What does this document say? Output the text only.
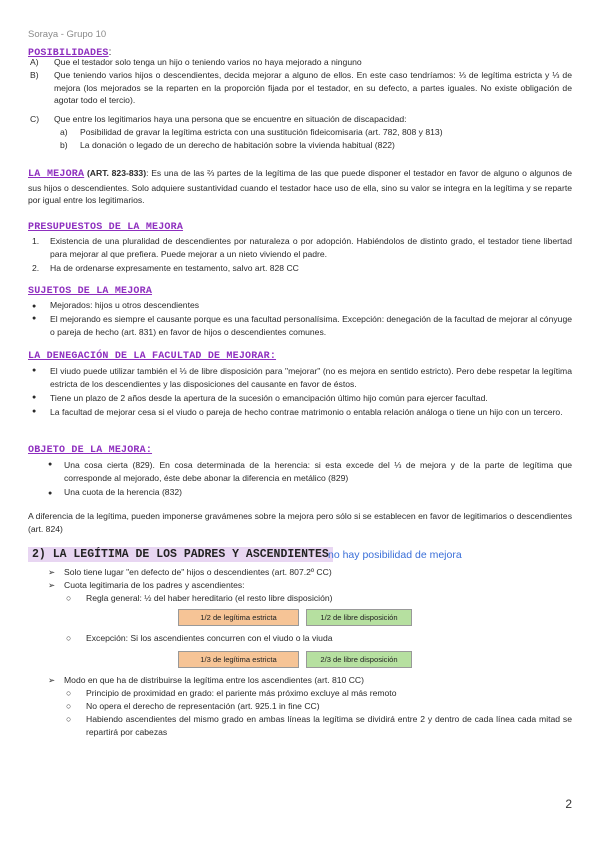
Soraya - Grupo 10
POSIBILIDADES:
A) Que el testador solo tenga un hijo o teniendo varios no haya mejorado a ninguno
B)	Que teniendo varios hijos o descendientes, decida mejorar a alguno de ellos. En este caso tendríamos: ⅓ de legítima estricta y ⅓ de mejora (los mejorados se la reparten en la proporción fijada por el testador, en su defecto, a partes iguales. No existe obligación de agotar todo el tercio).
C) Que entre los legitimarios haya una persona que se encuentre en situación de discapacidad:
a) Posibilidad de gravar la legítima estricta con una sustitución fideicomisaria (art. 782, 808 y 813)
b) La donación o legado de un derecho de habitación sobre la vivienda habitual (822)
LA MEJORA (ART. 823-833): Es una de las ⅔ partes de la legítima de las que puede disponer el testador en favor de alguno o algunos de sus hijos o descendientes. Solo adquiere sustantividad cuando el testador hace uso de ella, sino su valor se integra en la legítima y se reparte por igual entre los legitimarios.
PRESUPUESTOS DE LA MEJORA
1.	Existencia de una pluralidad de descendientes por naturaleza o por adopción. Habiéndolos de distinto grado, el testador tiene libertad para mejorar al que prefiera. Puede mejorar a un nieto viviendo el padre.
2. Ha de ordenarse expresamente en testamento, salvo art. 828 CC
SUJETOS DE LA MEJORA
● Mejorados: hijos u otros descendientes
●	El mejorando es siempre el causante porque es una facultad personalísima. Excepción: denegación de la facultad de mejorar al cónyuge o pareja de hecho (art. 831) en favor de hijos o descendientes comunes.
LA DENEGACIÓN DE LA FACULTAD DE MEJORAR:
●	El viudo puede utilizar también el ⅓ de libre disposición para "mejorar" (no es mejora en sentido estricto). Pero debe respetar la legítima estricta de los descendientes y las disposiciones del causante en favor de éstos.
●	Tiene un plazo de 2 años desde la apertura de la sucesión o emancipación último hijo común para ejercer facultad.
●	La facultad de mejorar cesa si el viudo o pareja de hecho contrae matrimonio o entabla relación análoga o tiene un hijo con un tercero.
OBJETO DE LA MEJORA:
●	Una cosa cierta (829). En cosa determinada de la herencia: si esta excede del ⅓ de mejora y de la parte de legítima que corresponde al mejorado, éste debe abonar la diferencia en metálico (829)
● Una cuota de la herencia (832)
A diferencia de la legítima, pueden imponerse gravámenes sobre la mejora pero sólo si se establecen en favor de legitimarios o descendientes (art. 824)
2) LA LEGÍTIMA DE LOS PADRES Y ASCENDIENTES no hay posibilidad de mejora
➢ Solo tiene lugar "en defecto de" hijos o descendientes (art. 807.2º CC)
➢ Cuota legitimaria de los padres y ascendientes:
○ Regla general: ½ del haber hereditario (el resto libre disposición)
1/2 de legítima estricta	1/2 de libre disposición
○ Excepción: Si los ascendientes concurren con el viudo o la viuda
1/3 de legítima estricta	2/3 de libre disposición
➢ Modo en que ha de distribuirse la legítima entre los ascendientes (art. 810 CC)
○ Principio de proximidad en grado: el pariente más próximo excluye al más remoto
○ No opera el derecho de representación (art. 925.1 in fine CC)
○	Habiendo ascendientes del mismo grado en ambas líneas la legítima se dividirá entre 2 y dentro de cada línea cada mitad se repartirá por cabezas
2
